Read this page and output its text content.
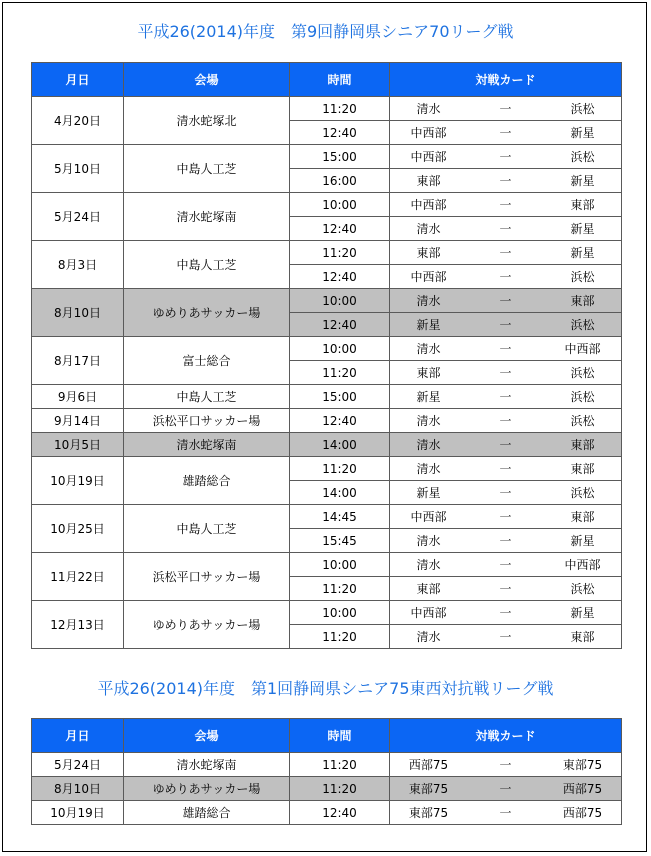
平成26(2014)年度　第9回静岡県シニア70リーグ戦
月日	会場	時間	対戦カード
4月20日	清水蛇塚北	11:20	清水 一 浜松

		12:40	中西部 一 新星

5月10日	中島人工芝	15:00	中西部 一 浜松

		16:00	東部 一 新星

5月24日	清水蛇塚南	10:00	中西部 一 東部

		12:40	清水 一 新星

8月3日	中島人工芝	11:20	東部 一 新星

		12:40	中西部 一 浜松

8月10日	ゆめりあサッカー場	10:00	清水 一 東部

		12:40	新星 一 浜松

8月17日	富士総合	10:00	清水 一 中西部

		11:20	東部 一 浜松

9月6日	中島人工芝	15:00	新星 一 浜松

9月14日	浜松平口サッカー場	12:40	清水 一 浜松

10月5日	清水蛇塚南	14:00	清水 一 東部

10月19日	雄踏総合	11:20	清水 一 東部

		14:00	新星 一 浜松

10月25日	中島人工芝	14:45	中西部 一 東部

		15:45	清水 一 新星

11月22日	浜松平口サッカー場	10:00	清水 一 中西部

		11:20	東部 一 浜松

12月13日	ゆめりあサッカー場	10:00	中西部 一 新星

		11:20	清水 一 東部
平成26(2014)年度　第1回静岡県シニア75東西対抗戦リーグ戦
月日	会場	時間	対戦カード
5月24日	清水蛇塚南	11:20	西部75 一 東部75

8月10日	ゆめりあサッカー場	11:20	東部75 一 西部75

10月19日	雄踏総合	12:40	東部75 一 西部75
